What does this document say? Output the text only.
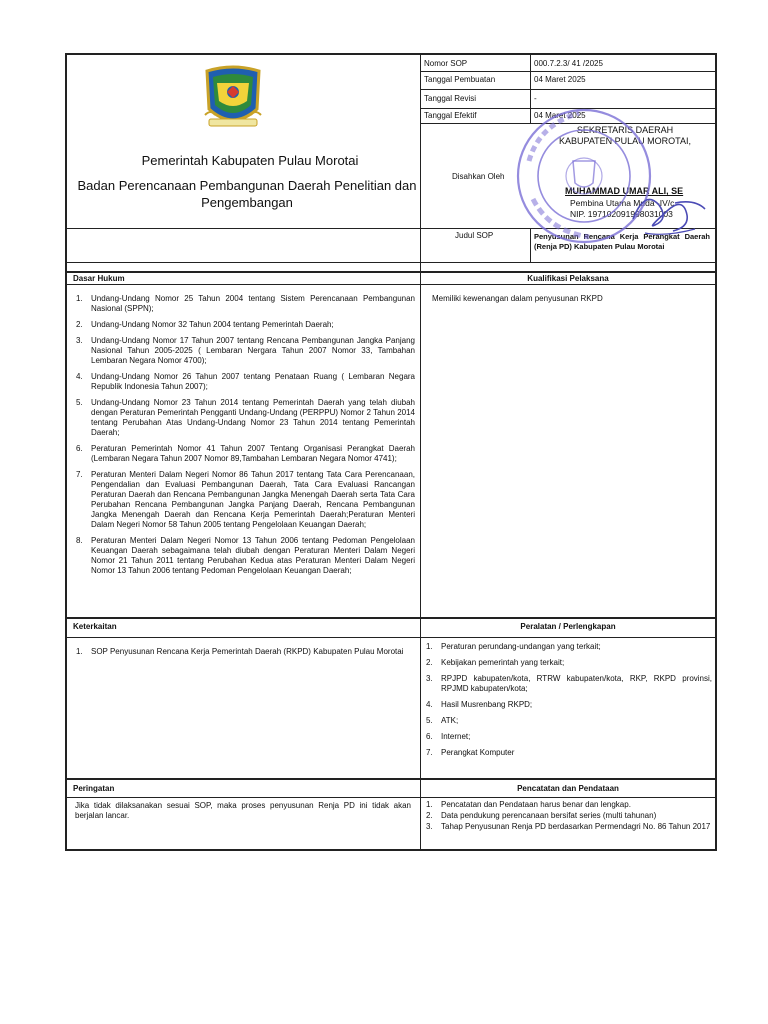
Pemerintah Kabupaten Pulau Morotai
Badan Perencanaan Pembangunan Daerah Penelitian dan Pengembangan
Nomor SOP	000.7.2.3/ 41 /2025
Tanggal Pembuatan	04 Maret 2025
Tanggal Revisi	-
Tanggal Efektif	04 Maret 2025
Disahkan Oleh
SEKRETARIS DAERAH
KABUPATEN PULAU MOROTAI,
MUHAMMAD UMAR ALI, SE
Pembina Utama Muda -IV/c
NIP. 197102091998031003
Judul SOP	Penyusunan Rencana Kerja Perangkat Daerah (Renja PD) Kabupaten Pulau Morotai
Dasar Hukum	Kualifikasi Pelaksana
1. Undang-Undang Nomor 25 Tahun 2004 tentang Sistem Perencanaan Pembangunan Nasional (SPPN);
2. Undang-Undang Nomor 32 Tahun 2004 tentang Pemerintah Daerah;
3. Undang-Undang Nomor 17 Tahun 2007 tentang Rencana Pembangunan Jangka Panjang Nasional Tahun 2005-2025 ( Lembaran Nergara Tahun 2007 Nomor 33, Tambahan Lembaran Negara Nomor 4700);
4. Undang-Undang Nomor 26 Tahun 2007 tentang Penataan Ruang ( Lembaran Negara Republik Indonesia Tahun 2007);
5. Undang-Undang Nomor 23 Tahun 2014 tentang Pemerintah Daerah yang telah diubah dengan Peraturan Pemerintah Pengganti Undang-Undang (PERPPU) Nomor 2 Tahun 2014 tentang Perubahan Atas Undang-Undang Nomor 23 Tahun 2014 tentang Pemerintah Daerah;
6. Peraturan Pemerintah Nomor 41 Tahun 2007 Tentang Organisasi Perangkat Daerah (Lembaran Negara Tahun 2007 Nomor 89,Tambahan Lembaran Negara Nomor 4741);
7. Peraturan Menteri Dalam Negeri Nomor 86 Tahun 2017 tentang Tata Cara Perencanaan, Pengendalian dan Evaluasi Pembangunan Daerah, Tata Cara Evaluasi Rancangan Peraturan Daerah dan Rencana Pembangunan Jangka Menengah Daerah serta Tata Cara Perubahan Rencana Pembangunan Jangka Panjang Daerah, Rencana Pembangunan Jangka Menengah Daerah dan Rencana Kerja Pemerintah Daerah;Peraturan Menteri Dalam Negeri Nomor 58 Tahun 2005 tentang Pengelolaan Keuangan Daerah;
8. Peraturan Menteri Dalam Negeri Nomor 13 Tahun 2006 tentang Pedoman Pengelolaan Keuangan Daerah sebagaimana telah diubah dengan Peraturan Menteri Dalam Negeri Nomor 21 Tahun 2011 tentang Perubahan Kedua atas Peraturan Menteri Dalam Negeri Nomor 13 Tahun 2006 tentang Pedoman Pengelolaan Keuangan Daerah;
Memiliki kewenangan dalam penyusunan RKPD
Keterkaitan	Peralatan / Perlengkapan
1. SOP Penyusunan Rencana Kerja Pemerintah Daerah (RKPD) Kabupaten Pulau Morotai
1. Peraturan perundang-undangan yang terkait;
2. Kebijakan pemerintah yang terkait;
3. RPJPD kabupaten/kota, RTRW kabupaten/kota, RKP, RKPD provinsi, RPJMD kabupaten/kota;
4. Hasil Musrenbang RKPD;
5. ATK;
6. Internet;
7. Perangkat Komputer
Peringatan	Pencatatan dan Pendataan
Jika tidak dilaksanakan sesuai SOP, maka proses penyusunan Renja PD ini tidak akan berjalan lancar.
1. Pencatatan dan Pendataan harus benar dan lengkap.
2. Data pendukung perencanaan bersifat series (multi tahunan)
3. Tahap Penyusunan Renja PD berdasarkan Permendagri No. 86 Tahun 2017
